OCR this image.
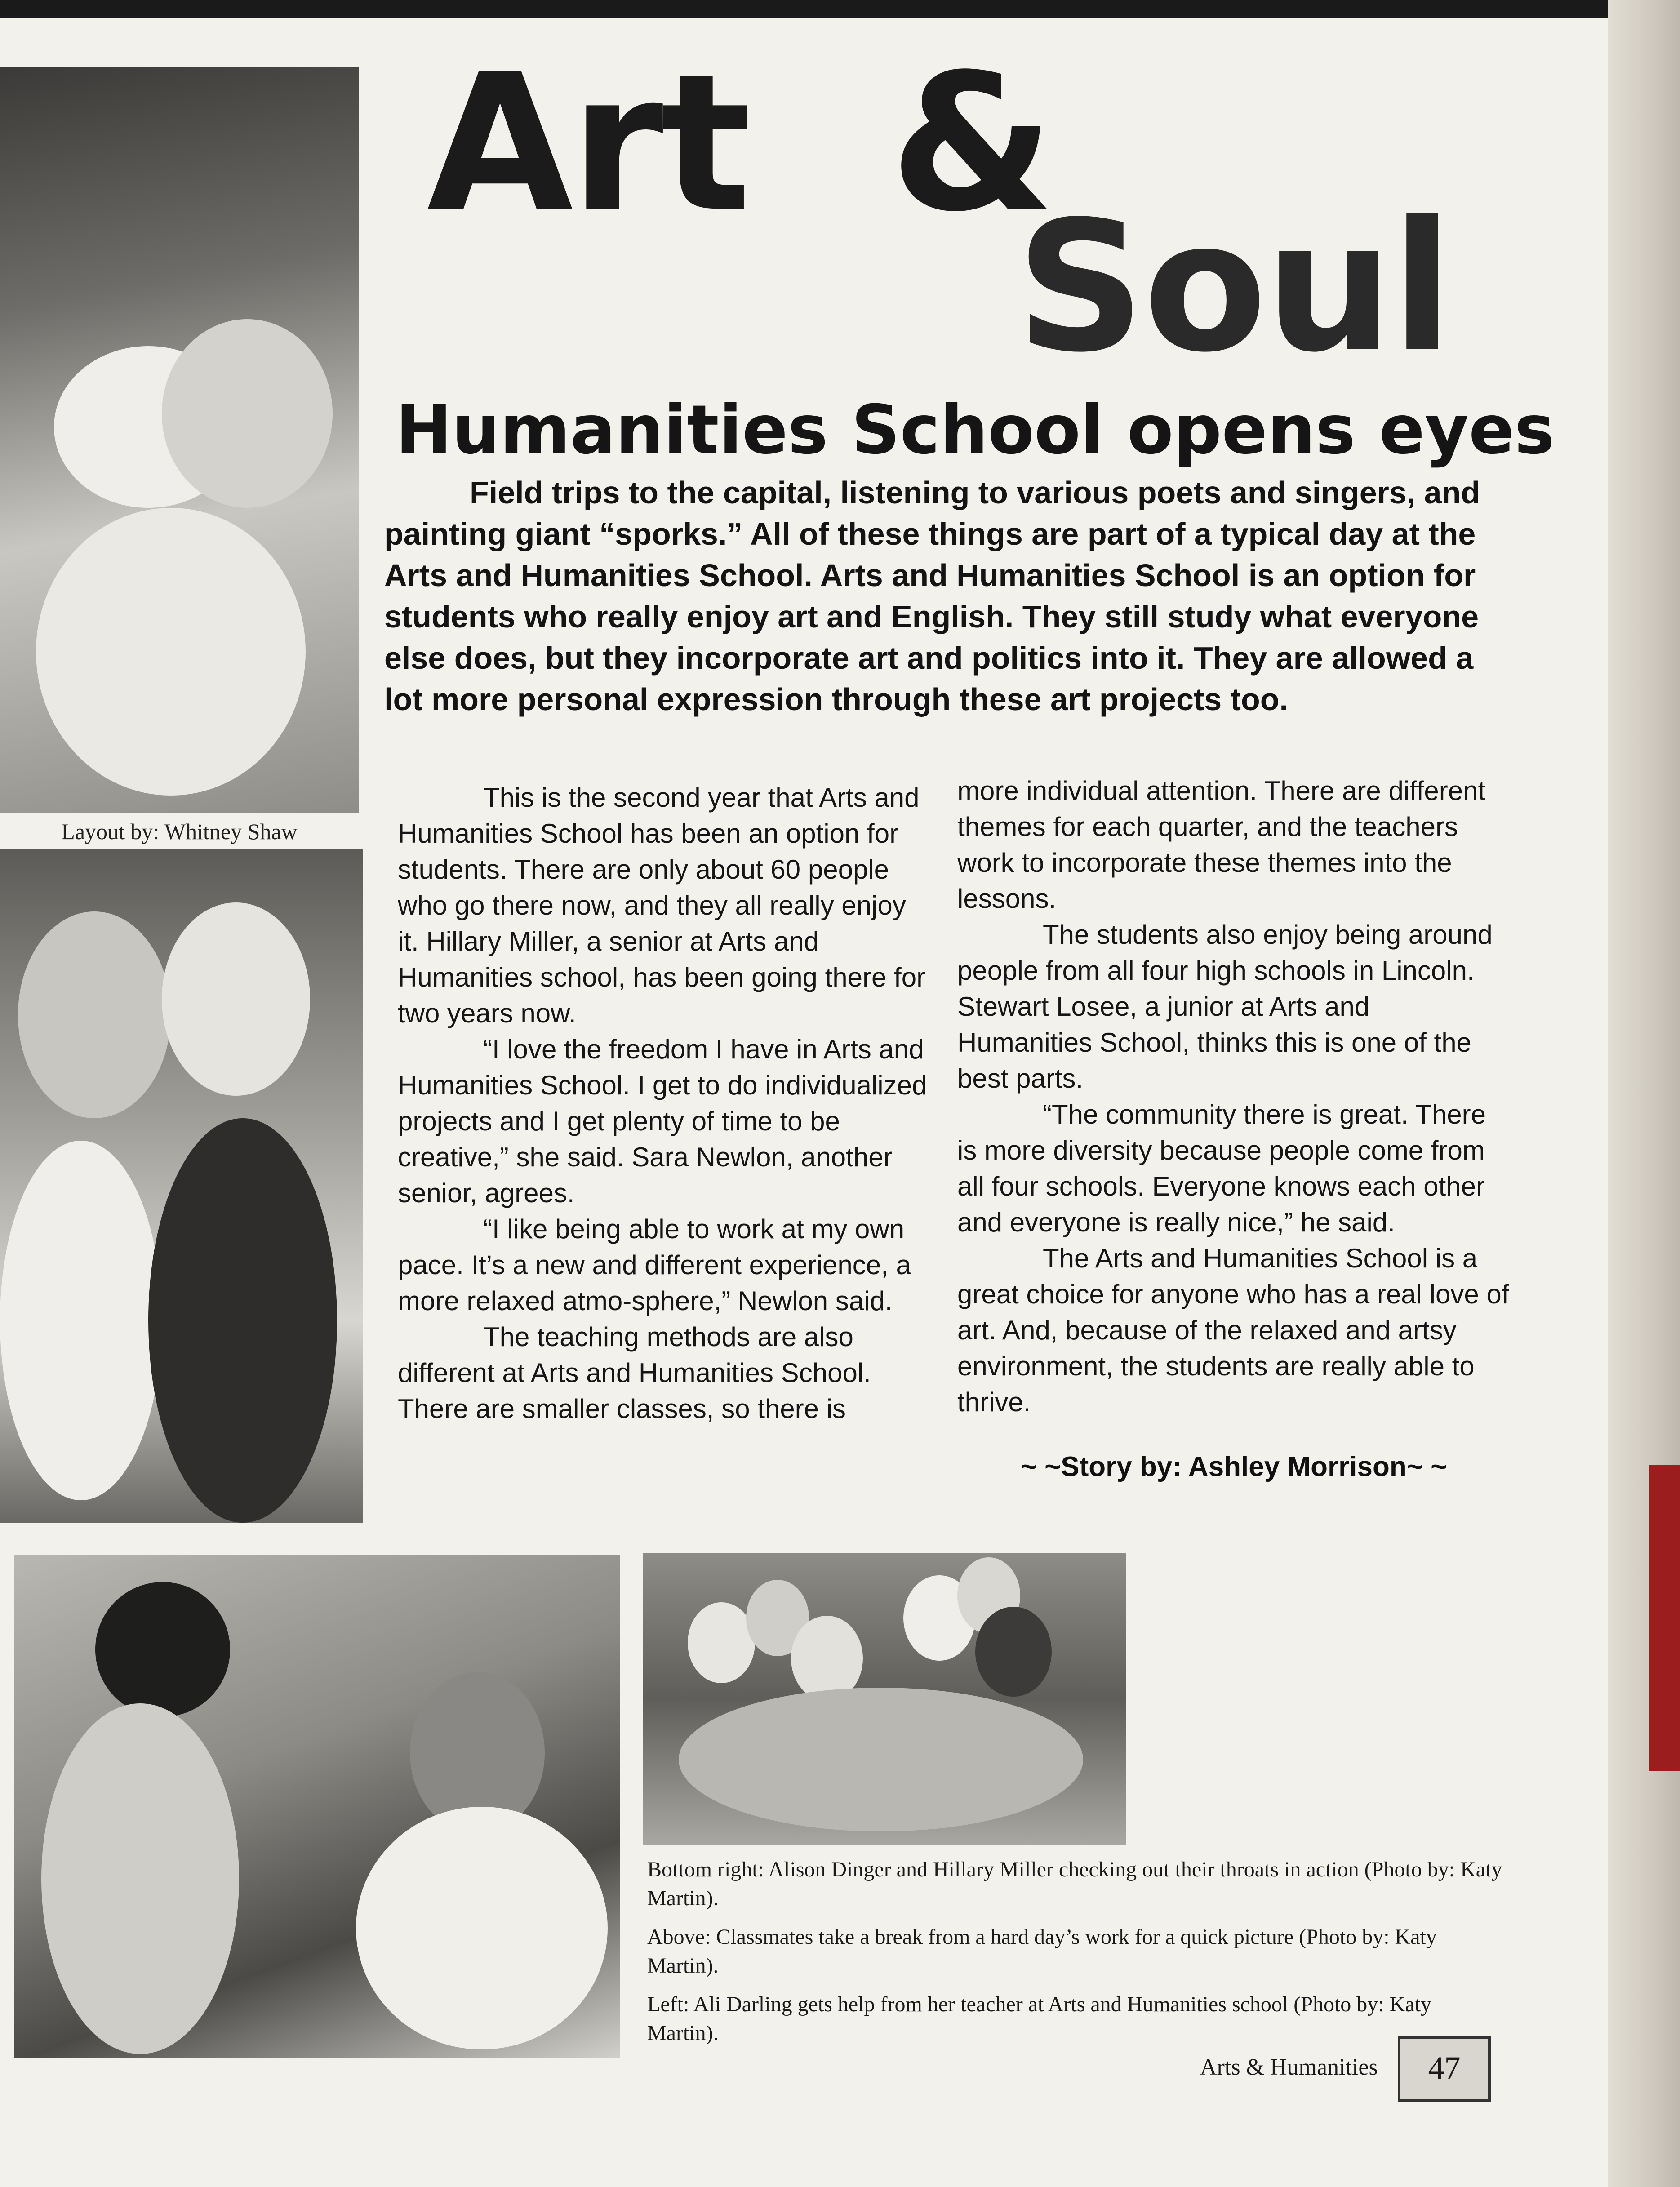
Layout by: Whitney Shaw
Art &
Soul
Humanities School opens eyes

Field trips to the capital, listening to various poets and singers, and painting giant “sporks.” All of these things are part of a typical day at the Arts and Humanities School. Arts and Humanities School is an option for students who really enjoy art and English. They still study what everyone else does, but they incorporate art and politics into it. They are allowed a lot more personal expression through these art projects too.

This is the second year that Arts and Humanities School has been an option for students. There are only about 60 people who go there now, and they all really enjoy it. Hillary Miller, a senior at Arts and Humanities school, has been going there for two years now.

“I love the freedom I have in Arts and Humanities School. I get to do individualized projects and I get plenty of time to be creative,” she said. Sara Newlon, another senior, agrees.

“I like being able to work at my own pace. It’s a new and different experience, a more relaxed atmo-sphere,” Newlon said.

The teaching methods are also different at Arts and Humanities School. There are smaller classes, so there is

more individual attention. There are different themes for each quarter, and the teachers work to incorporate these themes into the lessons.

The students also enjoy being around people from all four high schools in Lincoln. Stewart Losee, a junior at Arts and Humanities School, thinks this is one of the best parts.

“The community there is great. There is more diversity because people come from all four schools. Everyone knows each other and everyone is really nice,” he said.

The Arts and Humanities School is a great choice for anyone who has a real love of art. And, because of the relaxed and artsy environment, the students are really able to thrive.

~ ~Story by: Ashley Morrison~ ~

Bottom right: Alison Dinger and Hillary Miller checking out their throats in action (Photo by: Katy Martin).

Above: Classmates take a break from a hard day’s work for a quick picture (Photo by: Katy Martin).

Left: Ali Darling gets help from her teacher at Arts and Humanities school (Photo by: Katy Martin).

Arts & Humanities	47
